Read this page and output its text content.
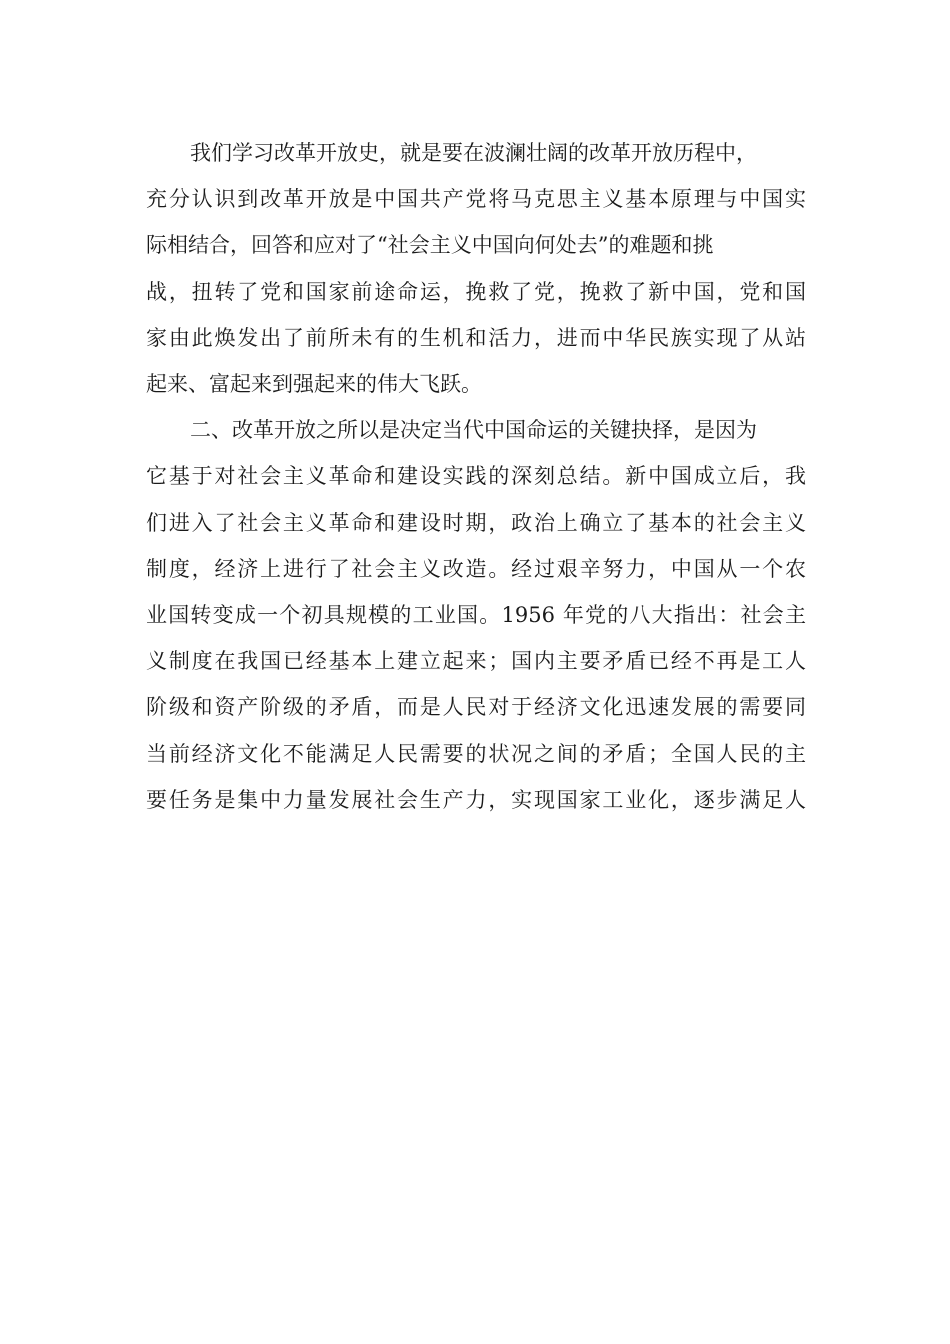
我们学习改革开放史，就是要在波澜壮阔的改革开放历程中，
充分认识到改革开放是中国共产党将马克思主义基本原理与中国实
际相结合，回答和应对了“社会主义中国向何处去”的难题和挑
战，扭转了党和国家前途命运，挽救了党，挽救了新中国，党和国
家由此焕发出了前所未有的生机和活力，进而中华民族实现了从站
起来、富起来到强起来的伟大飞跃。
二、改革开放之所以是决定当代中国命运的关键抉择，是因为
它基于对社会主义革命和建设实践的深刻总结。新中国成立后，我
们进入了社会主义革命和建设时期，政治上确立了基本的社会主义
制度，经济上进行了社会主义改造。经过艰辛努力，中国从一个农
业国转变成一个初具规模的工业国。1956 年党的八大指出：社会主
义制度在我国已经基本上建立起来；国内主要矛盾已经不再是工人
阶级和资产阶级的矛盾，而是人民对于经济文化迅速发展的需要同
当前经济文化不能满足人民需要的状况之间的矛盾；全国人民的主
要任务是集中力量发展社会生产力，实现国家工业化，逐步满足人
